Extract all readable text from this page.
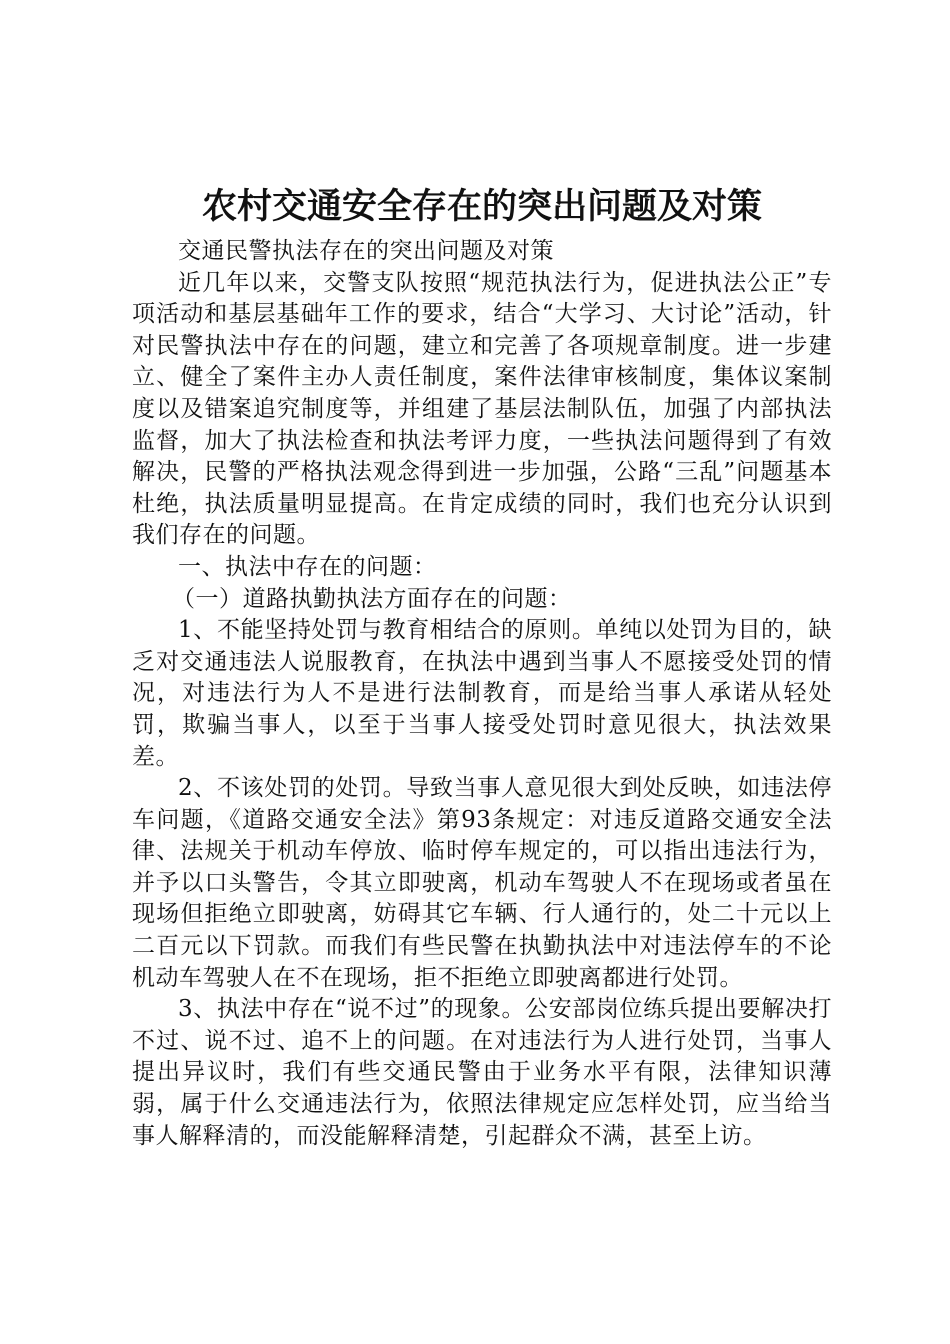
农村交通安全存在的突出问题及对策

交通民警执法存在的突出问题及对策

近几年以来，交警支队按照“规范执法行为，促进执法公正”专项活动和基层基础年工作的要求，结合“大学习、大讨论”活动，针对民警执法中存在的问题，建立和完善了各项规章制度。进一步建立、健全了案件主办人责任制度，案件法律审核制度，集体议案制度以及错案追究制度等，并组建了基层法制队伍，加强了内部执法监督，加大了执法检查和执法考评力度，一些执法问题得到了有效解决，民警的严格执法观念得到进一步加强，公路“三乱”问题基本杜绝，执法质量明显提高。在肯定成绩的同时，我们也充分认识到我们存在的问题。

一、执法中存在的问题：

（一）道路执勤执法方面存在的问题：

1、不能坚持处罚与教育相结合的原则。单纯以处罚为目的，缺乏对交通违法人说服教育，在执法中遇到当事人不愿接受处罚的情况，对违法行为人不是进行法制教育，而是给当事人承诺从轻处罚，欺骗当事人，以至于当事人接受处罚时意见很大，执法效果差。

2、不该处罚的处罚。导致当事人意见很大到处反映，如违法停车问题，《道路交通安全法》第93条规定：对违反道路交通安全法律、法规关于机动车停放、临时停车规定的，可以指出违法行为，并予以口头警告，令其立即驶离，机动车驾驶人不在现场或者虽在现场但拒绝立即驶离，妨碍其它车辆、行人通行的，处二十元以上二百元以下罚款。而我们有些民警在执勤执法中对违法停车的不论机动车驾驶人在不在现场，拒不拒绝立即驶离都进行处罚。

3、执法中存在“说不过”的现象。公安部岗位练兵提出要解决打不过、说不过、追不上的问题。在对违法行为人进行处罚，当事人提出异议时，我们有些交通民警由于业务水平有限，法律知识薄弱，属于什么交通违法行为，依照法律规定应怎样处罚，应当给当事人解释清的，而没能解释清楚，引起群众不满，甚至上访。
